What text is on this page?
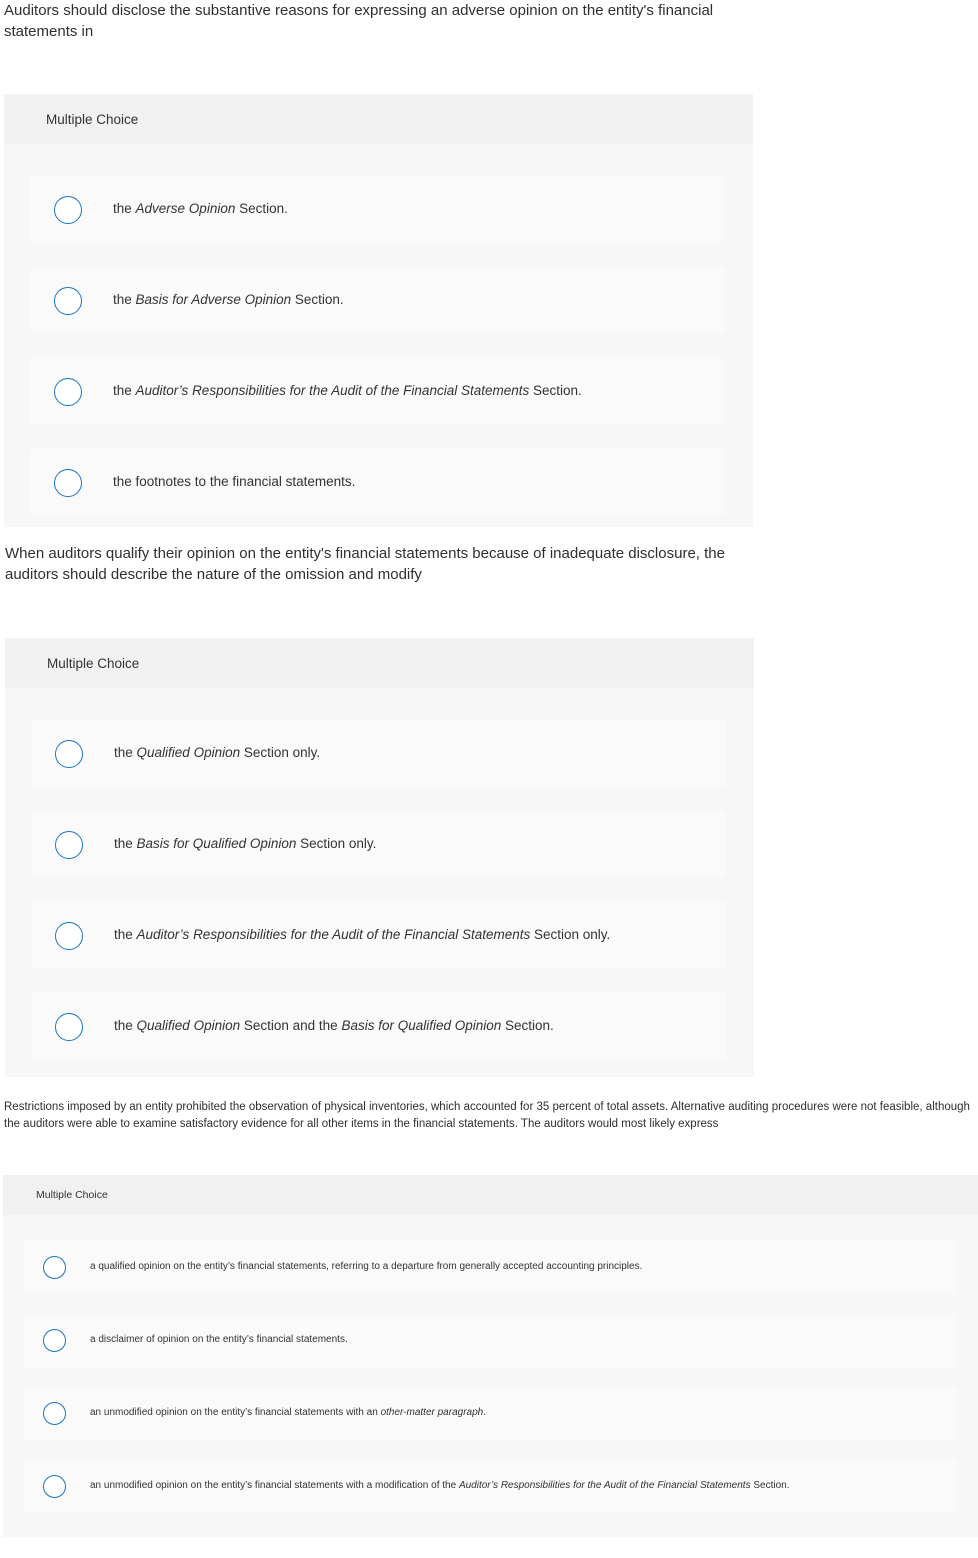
Auditors should disclose the substantive reasons for expressing an adverse opinion on the entity's financial statements in
Multiple Choice
the Adverse Opinion Section.
the Basis for Adverse Opinion Section.
the Auditor’s Responsibilities for the Audit of the Financial Statements Section.
the footnotes to the financial statements.
When auditors qualify their opinion on the entity's financial statements because of inadequate disclosure, the auditors should describe the nature of the omission and modify
Multiple Choice
the Qualified Opinion Section only.
the Basis for Qualified Opinion Section only.
the Auditor’s Responsibilities for the Audit of the Financial Statements Section only.
the Qualified Opinion Section and the Basis for Qualified Opinion Section.
Restrictions imposed by an entity prohibited the observation of physical inventories, which accounted for 35 percent of total assets. Alternative auditing procedures were not feasible, although the auditors were able to examine satisfactory evidence for all other items in the financial statements. The auditors would most likely express
Multiple Choice
a qualified opinion on the entity’s financial statements, referring to a departure from generally accepted accounting principles.
a disclaimer of opinion on the entity’s financial statements.
an unmodified opinion on the entity’s financial statements with an other-matter paragraph.
an unmodified opinion on the entity’s financial statements with a modification of the Auditor’s Responsibilities for the Audit of the Financial Statements Section.
